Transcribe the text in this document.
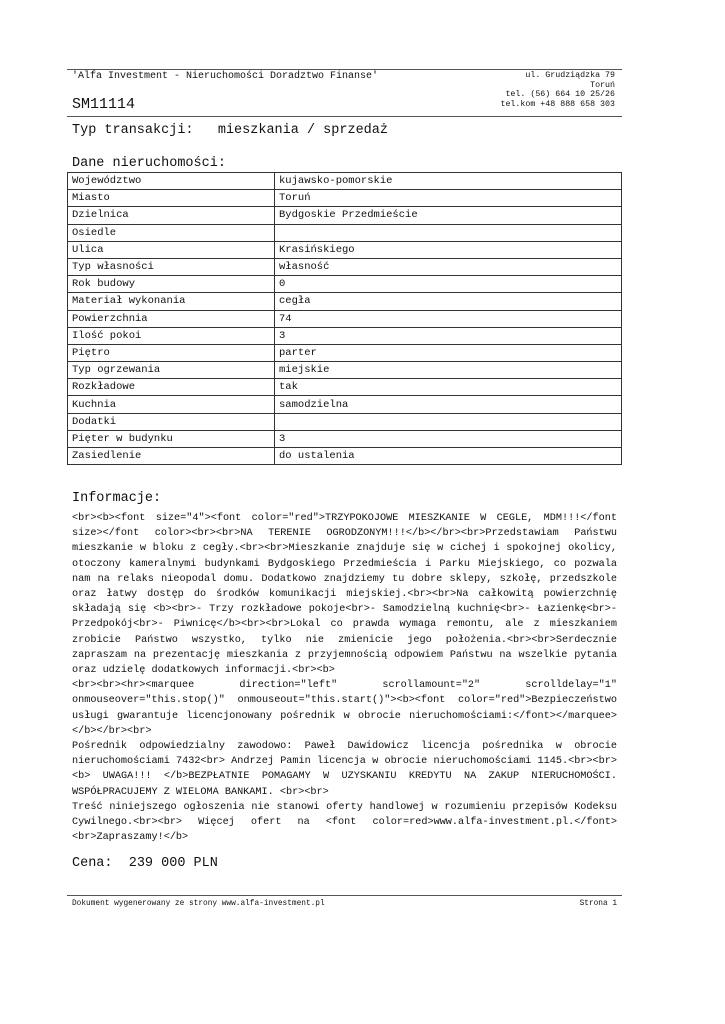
'Alfa Investment - Nieruchomości Doradztwo Finanse'	ul. Grudziądzka 79
Toruń
tel. (56) 664 10 25/26
tel.kom +48 888 658 303
SM11114
Typ transakcji: mieszkania / sprzedaż
Dane nieruchomości:
Województwo	kujawsko-pomorskie
Miasto	Toruń
Dzielnica	Bydgoskie Przedmieście
Osiedle	
Ulica	Krasińskiego
Typ własności	własność
Rok budowy	0
Materiał wykonania	cegła
Powierzchnia	74
Ilość pokoi	3
Piętro	parter
Typ ogrzewania	miejskie
Rozkładowe	tak
Kuchnia	samodzielna
Dodatki	
Pięter w budynku	3
Zasiedlenie	do ustalenia
Informacje:

<br><b><font size="4"><font color="red">TRZYPOKOJOWE MIESZKANIE W CEGLE, MDM!!!</font size></font color><br><br>NA TERENIE OGRODZONYM!!!</b></br><br>Przedstawiam Państwu mieszkanie w bloku z cegły.<br><br>Mieszkanie znajduje się w cichej i spokojnej okolicy, otoczony kameralnymi budynkami Bydgoskiego Przedmieścia i Parku Miejskiego, co pozwala nam na relaks nieopodal domu. Dodatkowo znajdziemy tu dobre sklepy, szkołę, przedszkole oraz łatwy dostęp do środków komunikacji miejskiej.<br><br>Na całkowitą powierzchnię składają się <b><br>- Trzy rozkładowe pokoje<br>- Samodzielną kuchnię<br>- Łazienkę<br>- Przedpokój<br>- Piwnicę</b><br><br>Lokal co prawda wymaga remontu, ale z mieszkaniem zrobicie Państwo wszystko, tylko nie zmienicie jego położenia.<br><br>Serdecznie zapraszam na prezentację mieszkania z przyjemnością odpowiem Państwu na wszelkie pytania oraz udzielę dodatkowych informacji.<br><b>

<br><br><hr><marquee direction="left" scrollamount="2" scrolldelay="1" onmouseover="this.stop()" onmouseout="this.start()"><b><font color="red">Bezpieczeństwo usługi gwarantuje licencjonowany pośrednik w obrocie nieruchomościami:</font></marquee></b></br><br>

Pośrednik odpowiedzialny zawodowo: Paweł Dawidowicz licencja pośrednika w obrocie nieruchomościami 7432<br> Andrzej Pamin licencja w obrocie nieruchomościami 1145.<br><br><b> UWAGA!!! </b>BEZPŁATNIE POMAGAMY W UZYSKANIU KREDYTU NA ZAKUP NIERUCHOMOŚCI. WSPÓŁPRACUJEMY Z WIELOMA BANKAMI. <br><br>

Treść niniejszego ogłoszenia nie stanowi oferty handlowej w rozumieniu przepisów Kodeksu Cywilnego.<br><br> Więcej ofert na <font color=red>www.alfa-investment.pl.</font><br>Zapraszamy!</b>

Cena: 239 000 PLN
Dokument wygenerowany ze strony www.alfa-investment.pl	Strona 1
